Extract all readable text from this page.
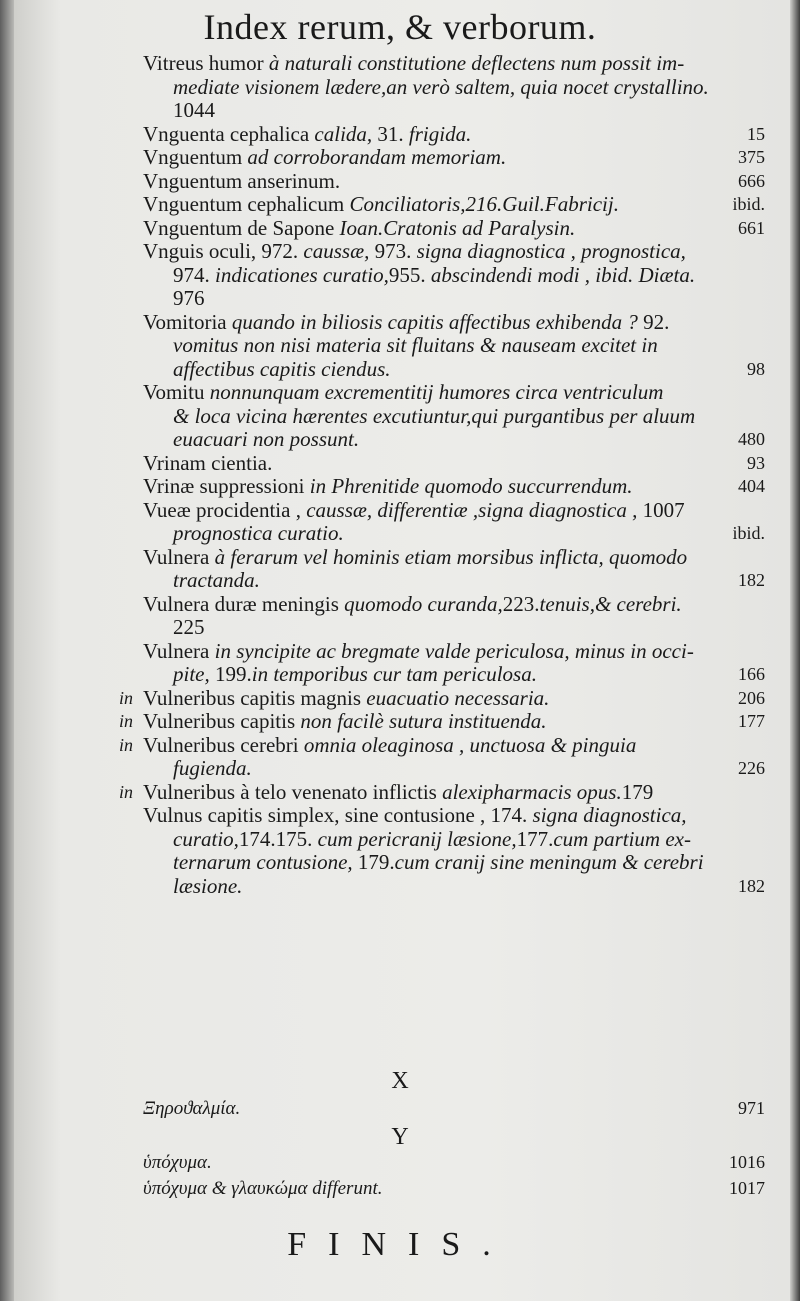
Index rerum, & verborum.
Vitreus humor à naturali constitutione deflectens num possit im-
mediate visionem lædere,an verò saltem, quia nocet crystallino.
1044
Vnguenta cephalica calida, 31. frigida.	15
Vnguentum ad corroborandam memoriam.	375
Vnguentum anserinum.	666
Vnguentum cephalicum Conciliatoris,216.Guil.Fabricij.	ibid.
Vnguentum de Sapone Ioan.Cratonis ad Paralysin.	661
Vnguis oculi, 972. caussæ, 973. signa diagnostica , prognostica,
974. indicationes curatio,955. abscindendi modi , ibid. Diæta.
976
Vomitoria quando in biliosis capitis affectibus exhibenda ? 92.
vomitus non nisi materia sit fluitans & nauseam excitet in
affectibus capitis ciendus.	98
Vomitu nonnunquam excrementitij humores circa ventriculum
& loca vicina hærentes excutiuntur,qui purgantibus per aluum
euacuari non possunt.	480
Vrinam cientia.	93
Vrinæ suppressioni in Phrenitide quomodo succurrendum.	404
Vueæ procidentia , caussæ, differentiæ ,signa diagnostica , 1007
prognostica curatio.	ibid.
Vulnera à ferarum vel hominis etiam morsibus inflicta, quomodo
tractanda.	182
Vulnera duræ meningis quomodo curanda,223.tenuis,& cerebri.
225
Vulnera in syncipite ac bregmate valde periculosa, minus in occi-
pite, 199.in temporibus cur tam periculosa.	166
in Vulneribus capitis magnis euacuatio necessaria.	206
in Vulneribus capitis non facilè sutura instituenda.	177
in Vulneribus cerebri omnia oleaginosa , unctuosa & pinguia
fugienda.	226
in Vulneribus à telo venenato inflictis alexipharmacis opus.179
Vulnus capitis simplex, sine contusione , 174. signa diagnostica,
curatio,174.175. cum pericranij læsione,177.cum partium ex-
ternarum contusione, 179.cum cranij sine meningum & cerebri
læsione.	182
X
Ξηροϑαλμία.	971
Y
ὑπόχυμα.	1016
ὑπόχυμα & γλαυκώμα differunt.	1017
FINIS.
